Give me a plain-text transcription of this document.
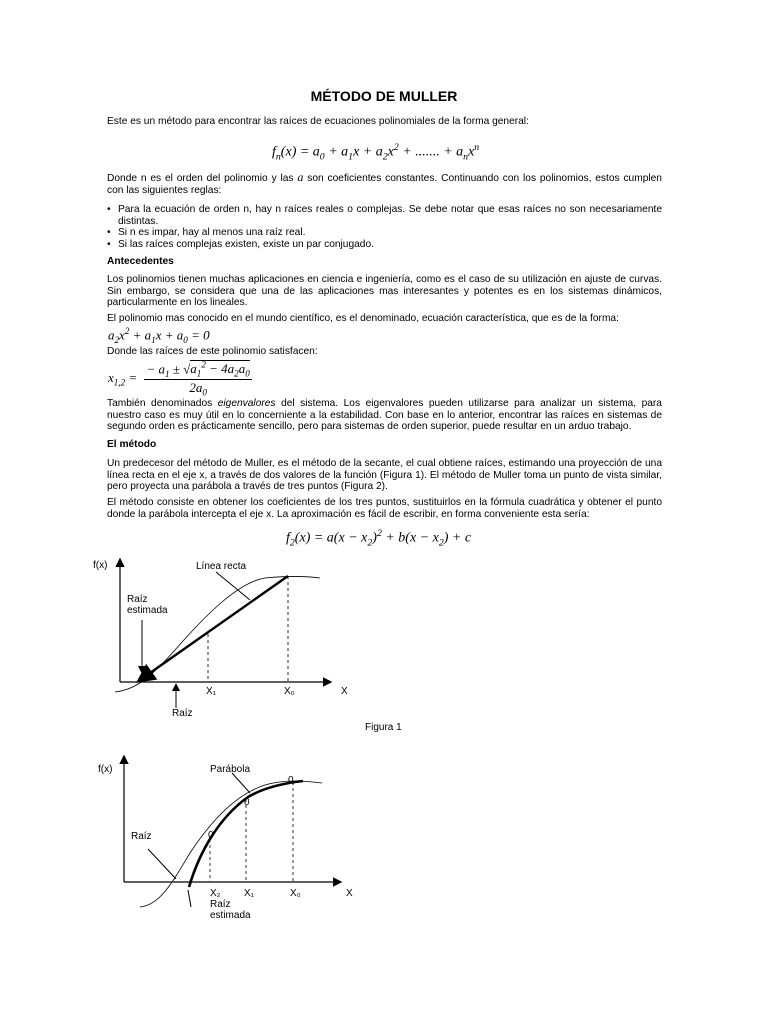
MÉTODO DE MULLER
Este es un método para encontrar las raíces de ecuaciones polinomiales de la forma general:
$f_n(x) = a_0 + a_1x + a_2x^2$ + ....... + $a_nx^n$
Donde n es el orden del polinomio y las a son coeficientes constantes. Continuando con los polinomios, estos cumplen con las siguientes reglas:
• Para la ecuación de orden n, hay n raíces reales o complejas. Se debe notar que esas raíces no son necesariamente distintas.
• Si n es impar, hay al menos una raíz real.
• Si las raíces complejas existen, existe un par conjugado.
Antecedentes
Los polinomios tienen muchas aplicaciones en ciencia e ingeniería, como es el caso de su utilización en ajuste de curvas. Sin embargo, se considera que una de las aplicaciones mas interesantes y potentes es en los sistemas dinámicos, particularmente en los lineales.
El polinomio mas conocido en el mundo científico, es el denominado, ecuación característica, que es de la forma:
$a_2x^2 + a_1x + a_0 = 0$
Donde las raíces de este polinomio satisfacen:
$x_{1,2} = \frac{- a_1 \pm √a_1^2 - 4a_2a_0}{2a_0}$
También denominados eigenvalores del sistema. Los eigenvalores pueden utilizarse para analizar un sistema, para nuestro caso es muy útil en lo concerniente a la estabilidad. Con base en lo anterior, encontrar las raíces en sistemas de segundo orden es prácticamente sencillo, pero para sistemas de orden superior, puede resultar en un arduo trabajo.
El método
Un predecesor del método de Muller, es el método de la secante, el cual obtiene raíces, estimando una proyección de una línea recta en el eje x, a través de dos valores de la función (Figura 1). El método de Muller toma un punto de vista similar, pero proyecta una parábola a través de tres puntos (Figura 2).
El método consiste en obtener los coeficientes de los tres puntos, sustituirlos en la fórmula cuadrática y obtener el punto donde la parábola intercepta el eje x. La aproximación es fácil de escribir, en forma conveniente esta sería:
$f_2(x) = a(x - x_2)^2 + b(x - x_2) + c$
f(x)	Línea recta
Raíz
estimada
Raíz
X₁	X₀	X
Figura 1
0
0
0
f(x)	Parábola
Raíz
X₂ X₁	X₀	X
Raíz
estimada
